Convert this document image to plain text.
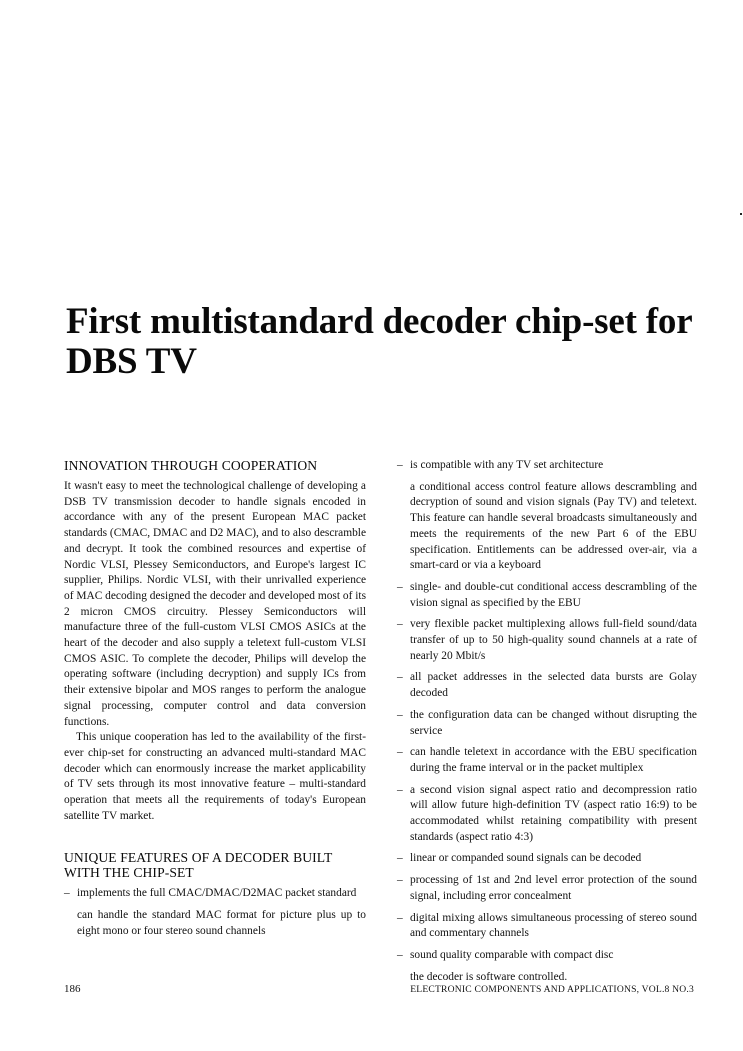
First multistandard decoder chip-set for DBS TV
INNOVATION THROUGH COOPERATION

It wasn't easy to meet the technological challenge of developing a DSB TV transmission decoder to handle signals encoded in accordance with any of the present European MAC packet standards (CMAC, DMAC and D2 MAC), and to also descramble and decrypt. It took the combined resources and expertise of Nordic VLSI, Plessey Semiconductors, and Europe's largest IC supplier, Philips. Nordic VLSI, with their unrivalled experience of MAC decoding designed the decoder and developed most of its 2 micron CMOS circuitry. Plessey Semiconductors will manufacture three of the full-custom VLSI CMOS ASICs at the heart of the decoder and also supply a teletext full-custom VLSI CMOS ASIC. To complete the decoder, Philips will develop the operating software (including decryption) and supply ICs from their extensive bipolar and MOS ranges to perform the analogue signal processing, computer control and data conversion functions.

This unique cooperation has led to the availability of the first-ever chip-set for constructing an advanced multi-standard MAC decoder which can enormously increase the market applicability of TV sets through its most innovative feature – multi-standard operation that meets all the requirements of today's European satellite TV market.

UNIQUE FEATURES OF A DECODER BUILT WITH THE CHIP-SET
– implements the full CMAC/DMAC/D2MAC packet standard
can handle the standard MAC format for picture plus up to eight mono or four stereo sound channels
– is compatible with any TV set architecture
a conditional access control feature allows descrambling and decryption of sound and vision signals (Pay TV) and teletext. This feature can handle several broadcasts simultaneously and meets the requirements of the new Part 6 of the EBU specification. Entitlements can be addressed over-air, via a smart-card or via a keyboard
– single- and double-cut conditional access descrambling of the vision signal as specified by the EBU
– very flexible packet multiplexing allows full-field sound/data transfer of up to 50 high-quality sound channels at a rate of nearly 20 Mbit/s
– all packet addresses in the selected data bursts are Golay decoded
– the configuration data can be changed without disrupting the service
– can handle teletext in accordance with the EBU specification during the frame interval or in the packet multiplex
– a second vision signal aspect ratio and decompression ratio will allow future high-definition TV (aspect ratio 16:9) to be accommodated whilst retaining compatibility with present standards (aspect ratio 4:3)
– linear or companded sound signals can be decoded
– processing of 1st and 2nd level error protection of the sound signal, including error concealment
– digital mixing allows simultaneous processing of stereo sound and commentary channels
– sound quality comparable with compact disc
the decoder is software controlled.
186	ELECTRONIC COMPONENTS AND APPLICATIONS, VOL.8 NO.3
